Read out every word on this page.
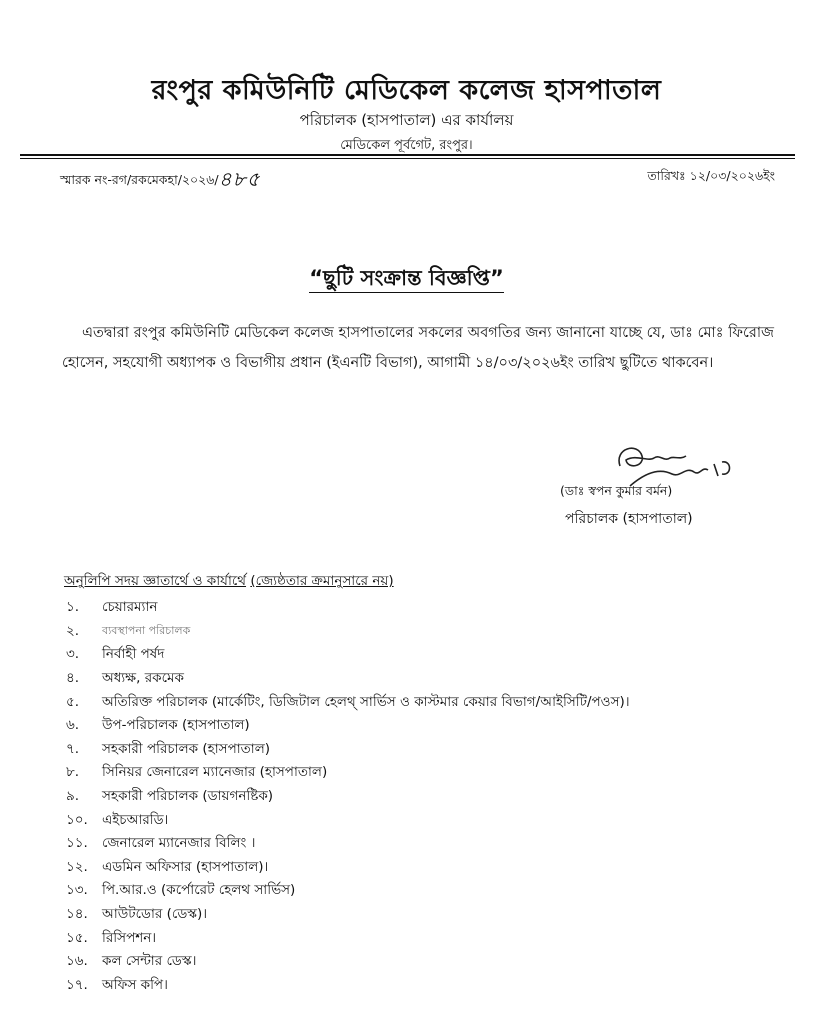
রংপুর কমিউনিটি মেডিকেল কলেজ হাসপাতাল
পরিচালক (হাসপাতাল) এর কার্যালয়
মেডিকেল পূর্বগেট, রংপুর।
স্মারক নং-রগ/রকমেকহা/২০২৬/৪৮৫	তারিখঃ ১২/০৩/২০২৬ইং
“ছুটি সংক্রান্ত বিজ্ঞপ্তি”
এতদ্বারা রংপুর কমিউনিটি মেডিকেল কলেজ হাসপাতালের সকলের অবগতির জন্য জানানো যাচ্ছে যে, ডাঃ মোঃ ফিরোজ হোসেন, সহযোগী অধ্যাপক ও বিভাগীয় প্রধান (ইএনটি বিভাগ), আগামী ১৪/০৩/২০২৬ইং তারিখ ছুটিতে থাকবেন।
(ডাঃ স্বপন কুমার বর্মন)
পরিচালক (হাসপাতাল)
অনুলিপি সদয় জ্ঞাতার্থে ও কার্যার্থে (জ্যেষ্ঠতার ক্রমানুসারে নয়)
১.	চেয়ারম্যান
২.	ব্যবস্থাপনা পরিচালক
৩.	নির্বাহী পর্ষদ
৪.	অধ্যক্ষ, রকমেক
৫.	অতিরিক্ত পরিচালক (মার্কেটিং, ডিজিটাল হেলথ্ সার্ভিস ও কাস্টমার কেয়ার বিভাগ/আইসিটি/পওস)।
৬.	উপ-পরিচালক (হাসপাতাল)
৭.	সহকারী পরিচালক (হাসপাতাল)
৮.	সিনিয়র জেনারেল ম্যানেজার (হাসপাতাল)
৯.	সহকারী পরিচালক (ডায়গনষ্টিক)
১০.	এইচআরডি।
১১.	জেনারেল ম্যানেজার বিলিং ।
১২.	এডমিন অফিসার (হাসপাতাল)।
১৩.	পি.আর.ও (কর্পোরেট হেলথ সার্ভিস)
১৪.	আউটডোর (ডেস্ক)।
১৫.	রিসিপশন।
১৬.	কল সেন্টার ডেস্ক।
১৭.	অফিস কপি।
